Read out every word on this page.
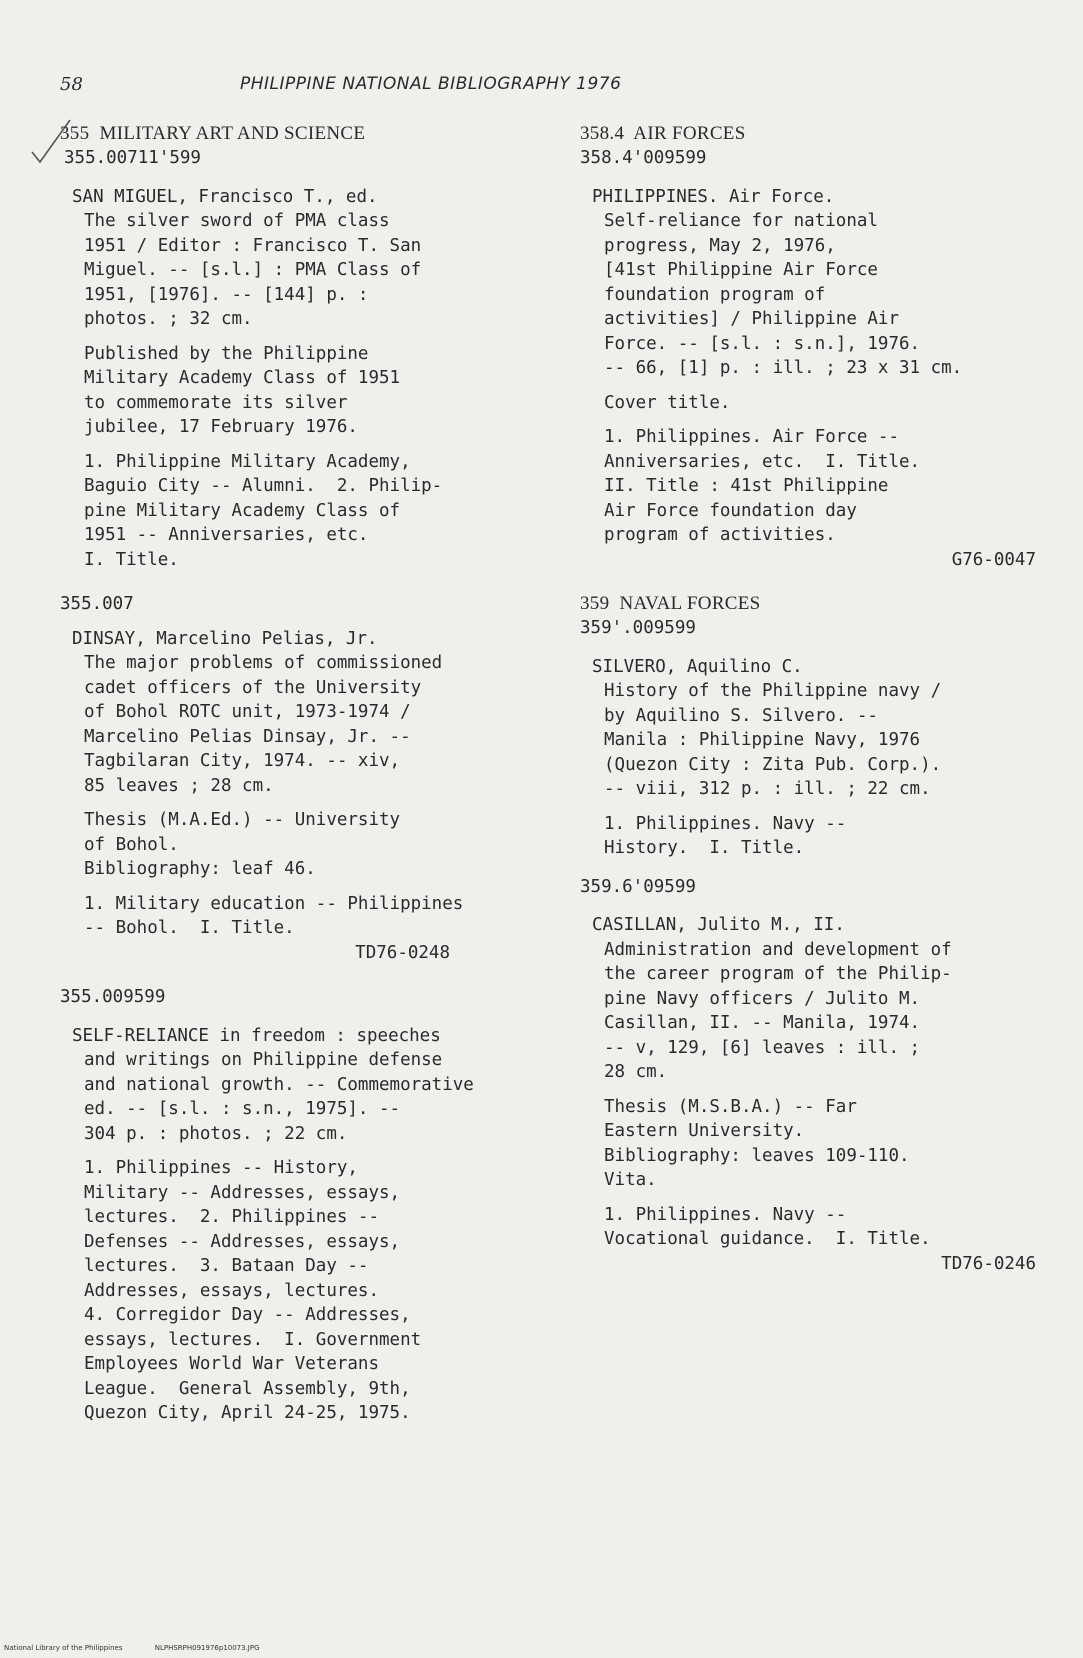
58	PHILIPPINE NATIONAL BIBLIOGRAPHY 1976
355  MILITARY ART AND SCIENCE
355.00711'599
SAN MIGUEL, Francisco T., ed.
The silver sword of PMA class
1951 / Editor : Francisco T. San
Miguel. -- [s.l.] : PMA Class of
1951, [1976]. -- [144] p. :
photos. ; 32 cm.
Published by the Philippine
Military Academy Class of 1951
to commemorate its silver
jubilee, 17 February 1976.
1. Philippine Military Academy,
Baguio City -- Alumni.  2. Philip-
pine Military Academy Class of
1951 -- Anniversaries, etc.
I. Title.
355.007
DINSAY, Marcelino Pelias, Jr.
The major problems of commissioned
cadet officers of the University
of Bohol ROTC unit, 1973-1974 /
Marcelino Pelias Dinsay, Jr. --
Tagbilaran City, 1974. -- xiv,
85 leaves ; 28 cm.
Thesis (M.A.Ed.) -- University
of Bohol.
Bibliography: leaf 46.
1. Military education -- Philippines
-- Bohol.  I. Title.
TD76-0248
355.009599
SELF-RELIANCE in freedom : speeches
and writings on Philippine defense
and national growth. -- Commemorative
ed. -- [s.l. : s.n., 1975]. --
304 p. : photos. ; 22 cm.
1. Philippines -- History,
Military -- Addresses, essays,
lectures.  2. Philippines --
Defenses -- Addresses, essays,
lectures.  3. Bataan Day --
Addresses, essays, lectures.
4. Corregidor Day -- Addresses,
essays, lectures.  I. Government
Employees World War Veterans
League.  General Assembly, 9th,
Quezon City, April 24-25, 1975.
358.4  AIR FORCES
358.4'009599
PHILIPPINES. Air Force.
Self-reliance for national
progress, May 2, 1976,
[41st Philippine Air Force
foundation program of
activities] / Philippine Air
Force. -- [s.l. : s.n.], 1976.
-- 66, [1] p. : ill. ; 23 x 31 cm.
Cover title.
1. Philippines. Air Force --
Anniversaries, etc.  I. Title.
II. Title : 41st Philippine
Air Force foundation day
program of activities.
G76-0047
359  NAVAL FORCES
359'.009599
SILVERO, Aquilino C.
History of the Philippine navy /
by Aquilino S. Silvero. --
Manila : Philippine Navy, 1976
(Quezon City : Zita Pub. Corp.).
-- viii, 312 p. : ill. ; 22 cm.
1. Philippines. Navy --
History.  I. Title.
359.6'09599
CASILLAN, Julito M., II.
Administration and development of
the career program of the Philip-
pine Navy officers / Julito M.
Casillan, II. -- Manila, 1974.
-- v, 129, [6] leaves : ill. ;
28 cm.
Thesis (M.S.B.A.) -- Far
Eastern University.
Bibliography: leaves 109-110.
Vita.
1. Philippines. Navy --
Vocational guidance.  I. Title.
TD76-0246
National Library of the Philippines	NLPHSRPH091976p10073.JPG
